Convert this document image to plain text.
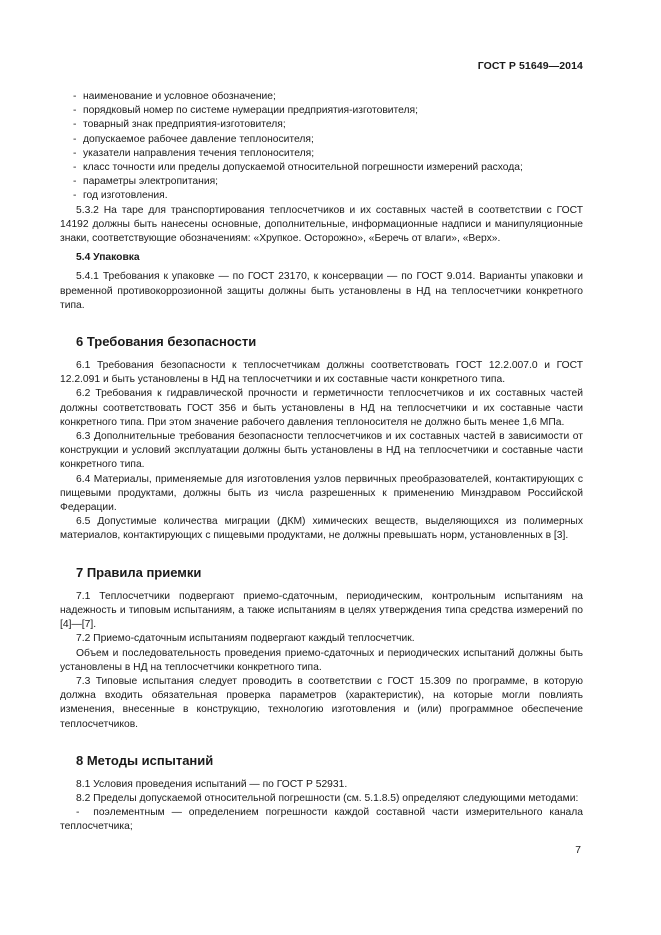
ГОСТ Р 51649—2014
- наименование и условное обозначение;
- порядковый номер по системе нумерации предприятия-изготовителя;
- товарный знак предприятия-изготовителя;
- допускаемое рабочее давление теплоносителя;
- указатели направления течения теплоносителя;
- класс точности или пределы допускаемой относительной погрешности измерений расхода;
- параметры электропитания;
- год изготовления.

5.3.2 На таре для транспортирования теплосчетчиков и их составных частей в соответствии с ГОСТ 14192 должны быть нанесены основные, дополнительные, информационные надписи и манипуляционные знаки, соответствующие обозначениям: «Хрупкое. Осторожно», «Беречь от влаги», «Верх».

5.4 Упаковка

5.4.1 Требования к упаковке — по ГОСТ 23170, к консервации — по ГОСТ 9.014. Варианты упаковки и временной противокоррозионной защиты должны быть установлены в НД на теплосчетчики конкретного типа.

6 Требования безопасности

6.1 Требования безопасности к теплосчетчикам должны соответствовать ГОСТ 12.2.007.0 и ГОСТ 12.2.091 и быть установлены в НД на теплосчетчики и их составные части конкретного типа.

6.2 Требования к гидравлической прочности и герметичности теплосчетчиков и их составных частей должны соответствовать ГОСТ 356 и быть установлены в НД на теплосчетчики и их составные части конкретного типа. При этом значение рабочего давления теплоносителя не должно быть менее 1,6 МПа.

6.3 Дополнительные требования безопасности теплосчетчиков и их составных частей в зависимости от конструкции и условий эксплуатации должны быть установлены в НД на теплосчетчики и составные части конкретного типа.

6.4 Материалы, применяемые для изготовления узлов первичных преобразователей, контактирующих с пищевыми продуктами, должны быть из числа разрешенных к применению Минздравом Российской Федерации.

6.5 Допустимые количества миграции (ДКМ) химических веществ, выделяющихся из полимерных материалов, контактирующих с пищевыми продуктами, не должны превышать норм, установленных в [3].

7 Правила приемки

7.1 Теплосчетчики подвергают приемо-сдаточным, периодическим, контрольным испытаниям на надежность и типовым испытаниям, а также испытаниям в целях утверждения типа средства измерений по [4]—[7].

7.2 Приемо-сдаточным испытаниям подвергают каждый теплосчетчик.

Объем и последовательность проведения приемо-сдаточных и периодических испытаний должны быть установлены в НД на теплосчетчики конкретного типа.

7.3 Типовые испытания следует проводить в соответствии с ГОСТ 15.309 по программе, в которую должна входить обязательная проверка параметров (характеристик), на которые могли повлиять изменения, внесенные в конструкцию, технологию изготовления и (или) программное обеспечение теплосчетчиков.

8 Методы испытаний

8.1 Условия проведения испытаний — по ГОСТ Р 52931.

8.2 Пределы допускаемой относительной погрешности (см. 5.1.8.5) определяют следующими методами:

-  поэлементным — определением погрешности каждой составной части измерительного канала теплосчетчика;

7
